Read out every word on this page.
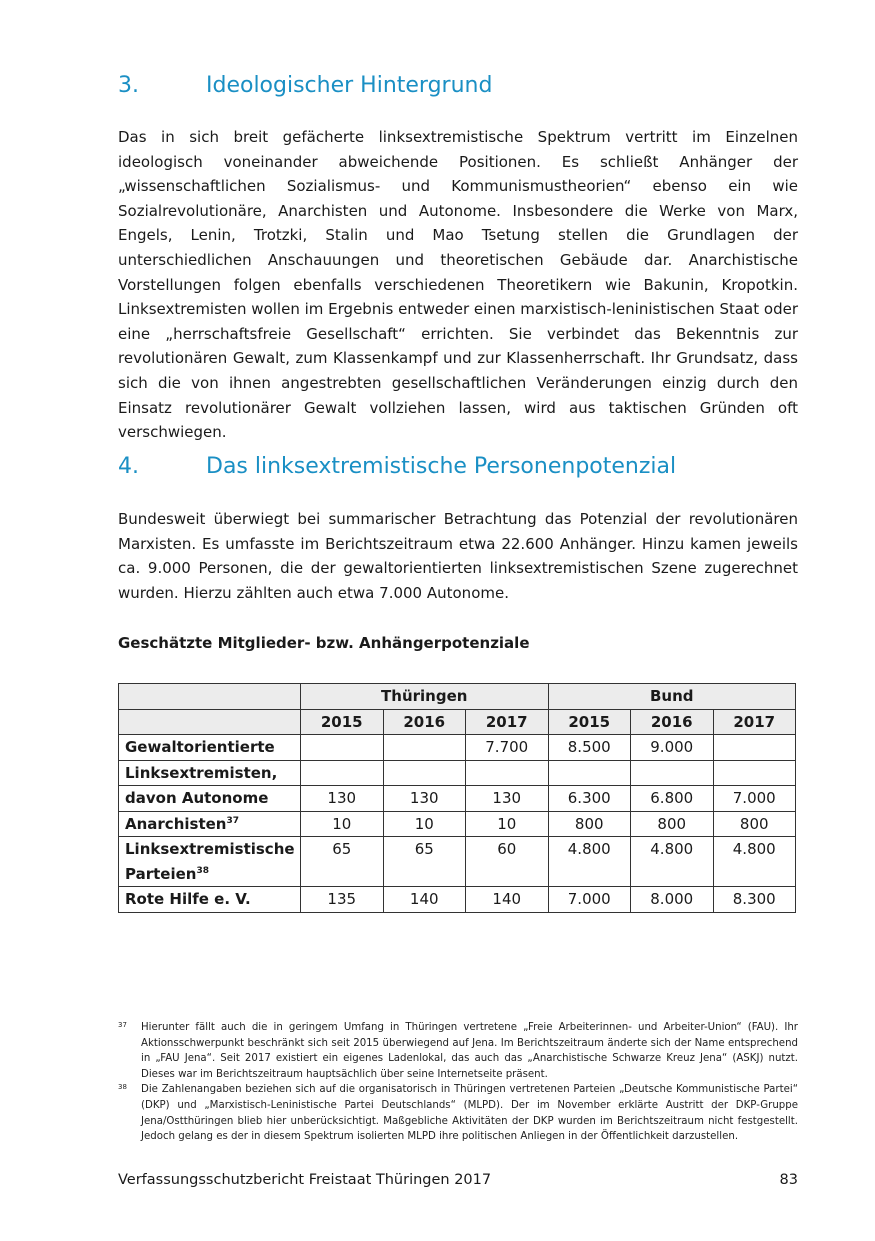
3.	Ideologischer Hintergrund

Das in sich breit gefächerte linksextremistische Spektrum vertritt im Einzelnen ideologisch voneinander abweichende Positionen. Es schließt Anhänger der „wissenschaftlichen Sozialismus- und Kommunismustheorien“ ebenso ein wie Sozialrevolutionäre, Anarchisten und Autonome. Insbesondere die Werke von Marx, Engels, Lenin, Trotzki, Stalin und Mao Tsetung stellen die Grundlagen der unterschiedlichen Anschauungen und theoretischen Gebäude dar. Anarchistische Vorstellungen folgen ebenfalls verschiedenen Theoretikern wie Bakunin, Kropotkin. Linksextremisten wollen im Ergebnis entweder einen marxistisch-leninistischen Staat oder eine „herrschaftsfreie Gesellschaft“ errichten. Sie verbindet das Bekenntnis zur revolutionären Gewalt, zum Klassenkampf und zur Klassenherrschaft. Ihr Grundsatz, dass sich die von ihnen angestrebten gesellschaftlichen Veränderungen einzig durch den Einsatz revolutionärer Gewalt vollziehen lassen, wird aus taktischen Gründen oft verschwiegen.

4.	Das linksextremistische Personenpotenzial

Bundesweit überwiegt bei summarischer Betrachtung das Potenzial der revolutionären Marxisten. Es umfasste im Berichtszeitraum etwa 22.600 Anhänger. Hinzu kamen jeweils ca. 9.000 Personen, die der gewaltorientierten linksextremistischen Szene zugerechnet wurden. Hierzu zählten auch etwa 7.000 Autonome.

Geschätzte Mitglieder- bzw. Anhängerpotenziale

	Thüringen			Bund		
	2015	2016	2017	2015	2016	2017
Gewaltorientierte			7.700	8.500	9.000	
Linksextremisten,						
davon Autonome	130	130	130	6.300	6.800	7.000
Anarchisten$^{37}$	10	10	10	800	800	800
Linksextremistische
Parteien$^{38}$	65	65	60	4.800	4.800	4.800
Rote Hilfe e. V.	135	140	140	7.000	8.000	8.300

37 Hierunter fällt auch die in geringem Umfang in Thüringen vertretene „Freie Arbeiterinnen- und Arbeiter-Union“ (FAU). Ihr Aktionsschwerpunkt beschränkt sich seit 2015 überwiegend auf Jena. Im Berichtszeitraum änderte sich der Name entsprechend in „FAU Jena“. Seit 2017 existiert ein eigenes Ladenlokal, das auch das „Anarchistische Schwarze Kreuz Jena“ (ASKJ) nutzt. Dieses war im Berichtszeitraum hauptsächlich über seine Internetseite präsent.

38 Die Zahlenangaben beziehen sich auf die organisatorisch in Thüringen vertretenen Parteien „Deutsche Kommunistische Partei“ (DKP) und „Marxistisch-Leninistische Partei Deutschlands“ (MLPD). Der im November erklärte Austritt der DKP-Gruppe Jena/Ostthüringen blieb hier unberücksichtigt. Maßgebliche Aktivitäten der DKP wurden im Berichtszeitraum nicht festgestellt. Jedoch gelang es der in diesem Spektrum isolierten MLPD ihre politischen Anliegen in der Öffentlichkeit darzustellen.

Verfassungsschutzbericht Freistaat Thüringen 2017	83
